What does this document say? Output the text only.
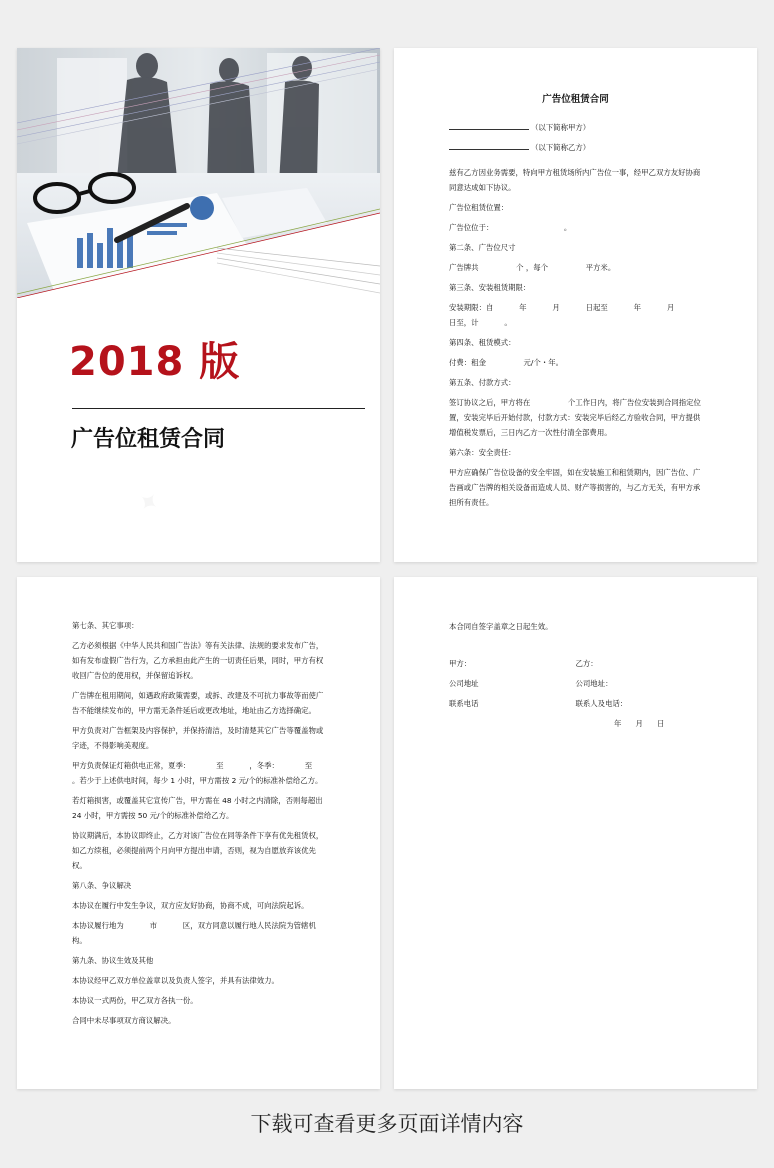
2018 版
广告位租赁合同
广告位租赁合同
（以下简称甲方）
（以下简称乙方）

兹有乙方因业务需要，特向甲方租赁场所内广告位一事，经甲乙双方友好协商同意达成如下协议。

广告位租赁位置：

广告位位于：                              。

第二条、广告位尺寸

广告牌共                个 ，每个                平方米。

第三条、安装租赁期限：

安装期限：自           年           月           日起至           年           月           日至，计           。

第四条、租赁模式：

付费：租金                元/个・年。

第五条、付款方式：

签订协议之后，甲方将在                个工作日内，将广告位安装到合同指定位置，安装完毕后开始付款，付款方式：安装完毕后经乙方验收合同，甲方提供增值税发票后，三日内乙方一次性付清全部费用。

第六条：安全责任：

甲方应确保广告位设备的安全牢固，如在安装施工和租赁期内，因广告位、广告画或广告牌的相关设备而造成人员、财产等损害的，与乙方无关，有甲方承担所有责任。

第七条、其它事项：

乙方必须根据《中华人民共和国广告法》等有关法律、法规的要求发布广告，如有发布虚假广告行为，乙方承担由此产生的一切责任后果，同时，甲方有权收回广告位的使用权，并保留追诉权。

广告牌在租用期间，如遇政府政策需要，或拆、改建及不可抗力事故等而使广告不能继续发布的，甲方需无条件延后或更改地址，地址由乙方选择确定。

甲方负责对广告框架及内容保护，并保持清洁，及时清楚其它广告等覆盖物或字迹，不得影响美观度。

甲方负责保证灯箱供电正常，夏季：           至           ，冬季：           至           。若少于上述供电时间，每少 1 小时，甲方需按 2 元/个的标准补偿给乙方。

若灯箱损害，或覆盖其它宣传广告，甲方需在 48 小时之内清除，否则每超出 24 小时，甲方需按 50 元/个的标准补偿给乙方。

协议期满后，本协议即终止，乙方对该广告位在同等条件下享有优先租赁权，如乙方续租，必须提前两个月向甲方提出申请，否则，视为自愿放弃该优先权。

第八条、争议解决

本协议在履行中发生争议，双方应友好协商，协商不成，可向法院起诉。

本协议履行地为           市           区，双方同意以履行地人民法院为管辖机构。

第九条、协议生效及其他

本协议经甲乙双方单位盖章以及负责人签字，并具有法律效力。

本协议一式两份，甲乙双方各执一份。

合同中未尽事项双方商议解决。

本合同自签字盖章之日起生效。

甲方：	乙方：
公司地址	公司地址：
联系电话	联系人及电话：
年      月      日
下载可查看更多页面详情内容
